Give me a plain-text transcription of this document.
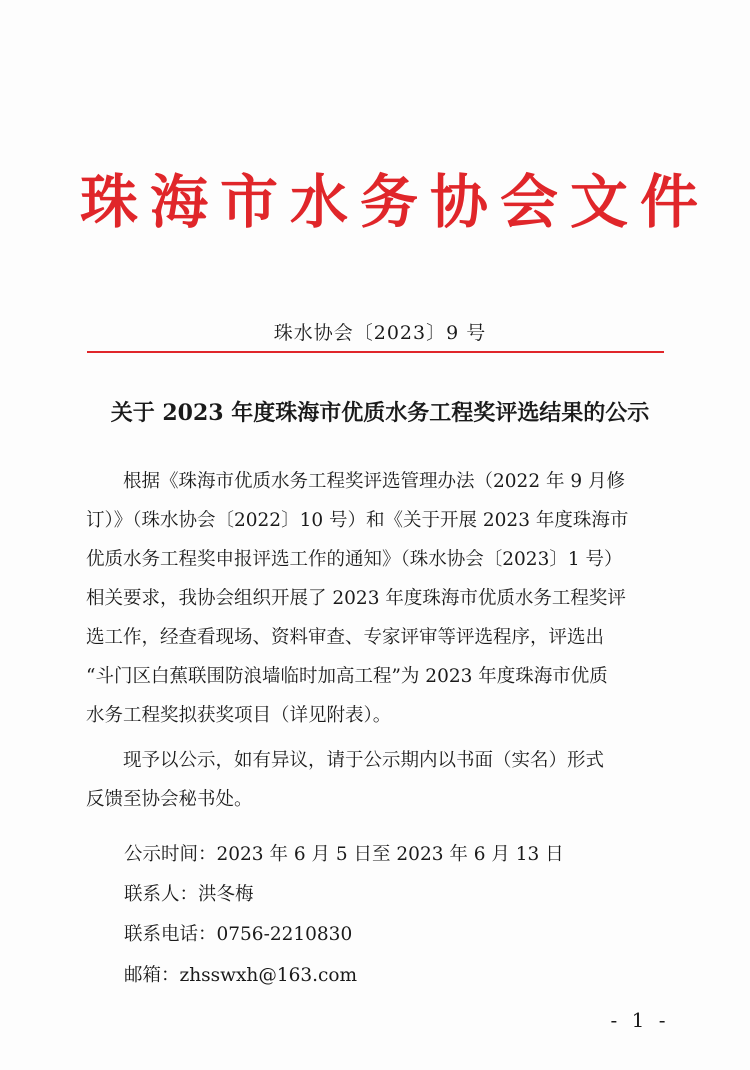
珠海市水务协会文件
珠水协会〔2023〕9 号
关于 2023 年度珠海市优质水务工程奖评选结果的公示
根据《珠海市优质水务工程奖评选管理办法（2022 年 9 月修
订）》（珠水协会〔2022〕10 号）和《关于开展 2023 年度珠海市
优质水务工程奖申报评选工作的通知》（珠水协会〔2023〕1 号）
相关要求，我协会组织开展了 2023 年度珠海市优质水务工程奖评
选工作，经查看现场、资料审查、专家评审等评选程序，评选出
“斗门区白蕉联围防浪墙临时加高工程”为 2023 年度珠海市优质
水务工程奖拟获奖项目（详见附表）。
现予以公示，如有异议，请于公示期内以书面（实名）形式
反馈至协会秘书处。
公示时间：2023 年 6 月 5 日至 2023 年 6 月 13 日
联系人：洪冬梅
联系电话：0756-2210830
邮箱：zhsswxh@163.com
- 1 -
